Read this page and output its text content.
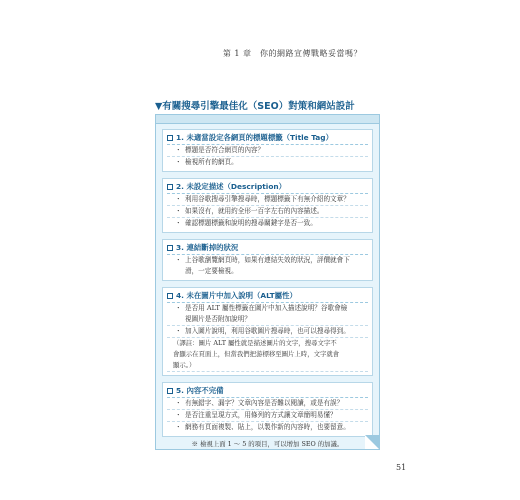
第 1 章　你的網路宣傳戰略妥當嗎？
▼有關搜尋引擎最佳化（SEO）對策和網站設計
1. 未適當設定各網頁的標題標籤（Title Tag）
・ 標題是否符合網頁的內容？
・ 檢視所有的網頁。
2. 未設定描述（Description）
・ 利用谷歌搜尋引擎搜尋時，標題標籤下有無介紹的文章？
・ 如果沒有，就用約全形一百字左右的內容描述。
・ 確認標題標籤和說明的搜尋關鍵字是否一致。
3. 連結斷掉的狀況
・ 上谷歌瀏覽網頁時，如果有連結失效的狀況，評價就會下
滑，一定要檢視。
4. 未在圖片中加入說明（ALT屬性）
・ 是否用 ALT 屬性標籤在圖片中加入描述說明？谷歌會檢
視圖片是否附加說明？
・ 加入圖片說明，利用谷歌圖片搜尋時，也可以搜尋得到。
（譯註：圖片 ALT 屬性就是描述圖片的文字，搜尋文字不
會顯示在頁面上，但當我們把游標移至圖片上時，文字就會
顯示。）
5. 內容不完備
・ 有無錯字、漏字？文章內容是否難以閱讀，或是有誤？
・ 是否注重呈現方式，用條列的方式讓文章簡明易懂？
・ 網務有頁面複製、貼上，以製作新的內容時，也要留意。
※ 檢視上面 1 〜 5 的項目，可以增加 SEO 的加議。
51
